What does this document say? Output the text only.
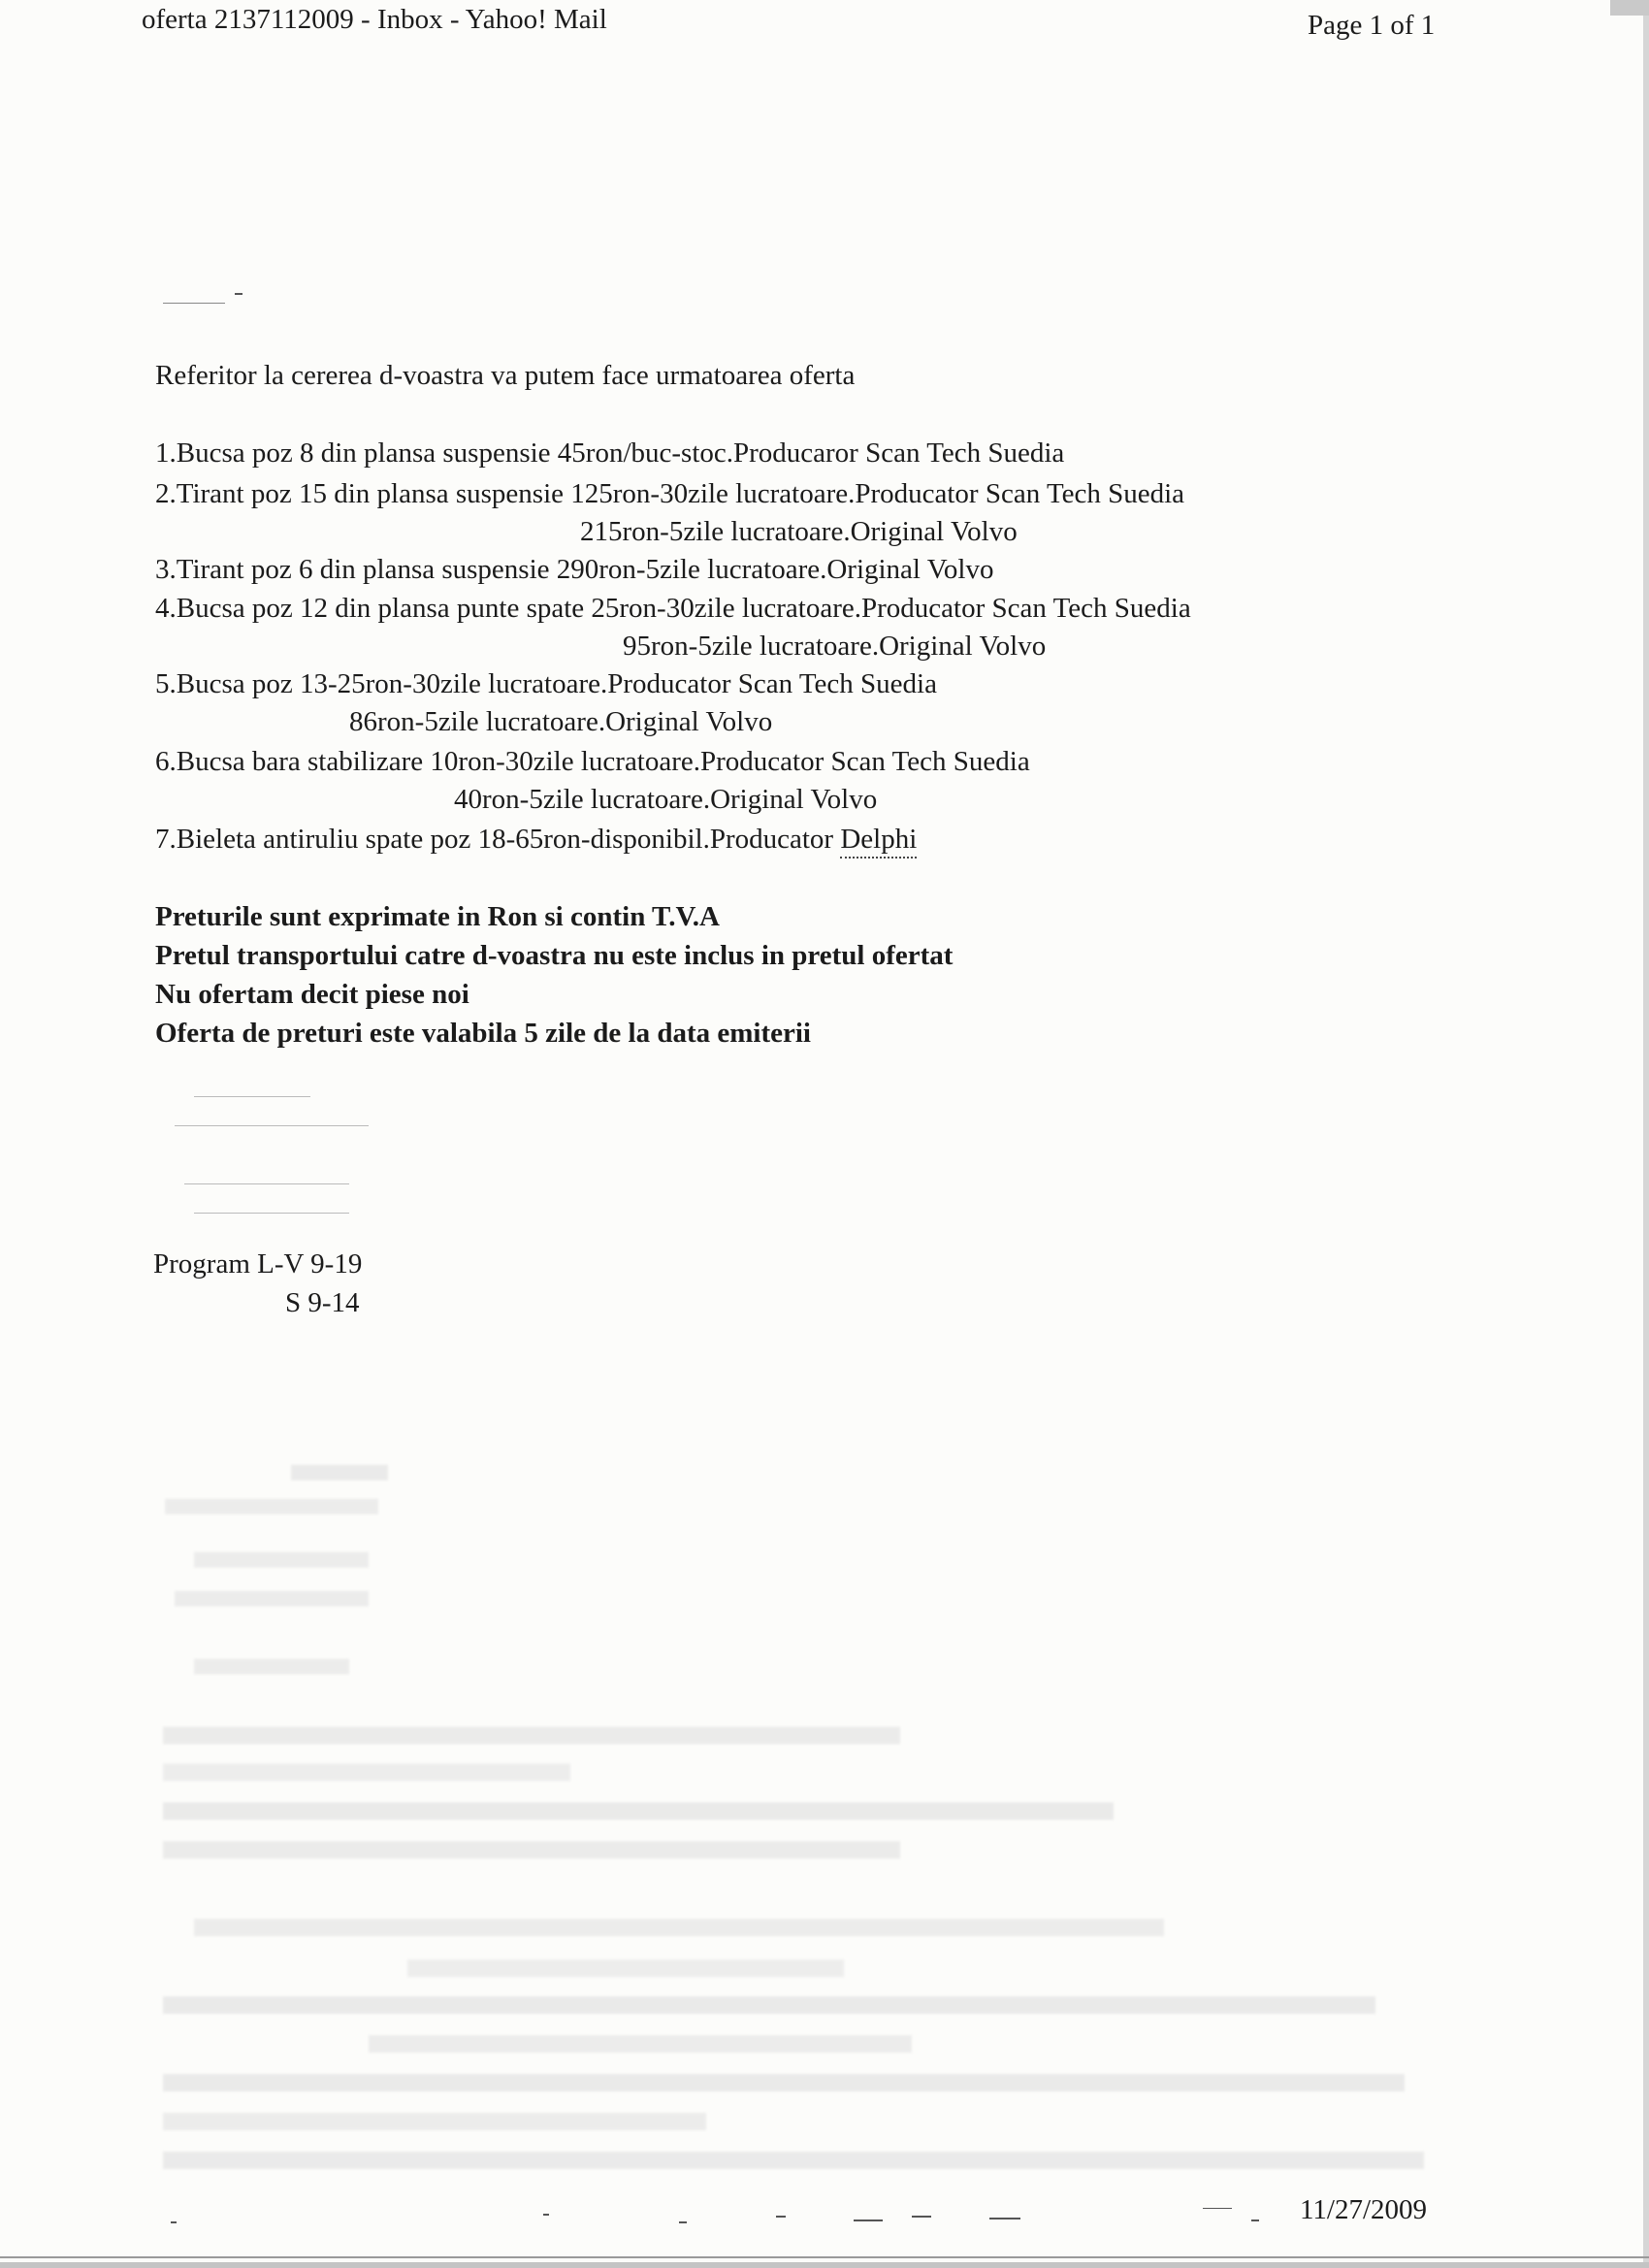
oferta 2137112009 - Inbox - Yahoo! Mail	Page 1 of 1
Referitor la cererea d-voastra va putem face urmatoarea oferta
1.Bucsa poz 8 din plansa suspensie 45ron/buc-stoc.Producaror Scan Tech Suedia
2.Tirant poz 15 din plansa suspensie 125ron-30zile lucratoare.Producator Scan Tech Suedia
215ron-5zile lucratoare.Original Volvo
3.Tirant poz 6 din plansa suspensie 290ron-5zile lucratoare.Original Volvo
4.Bucsa poz 12 din plansa punte spate 25ron-30zile lucratoare.Producator Scan Tech Suedia
95ron-5zile lucratoare.Original Volvo
5.Bucsa poz 13-25ron-30zile lucratoare.Producator Scan Tech Suedia
86ron-5zile lucratoare.Original Volvo
6.Bucsa bara stabilizare 10ron-30zile lucratoare.Producator Scan Tech Suedia
40ron-5zile lucratoare.Original Volvo
7.Bieleta antiruliu spate poz 18-65ron-disponibil.Producator Delphi
Preturile sunt exprimate in Ron si contin T.V.A
Pretul transportului catre d-voastra nu este inclus in pretul ofertat
Nu ofertam decit piese noi
Oferta de preturi este valabila 5 zile de la data emiterii
Program L-V 9-19
S 9-14
11/27/2009
